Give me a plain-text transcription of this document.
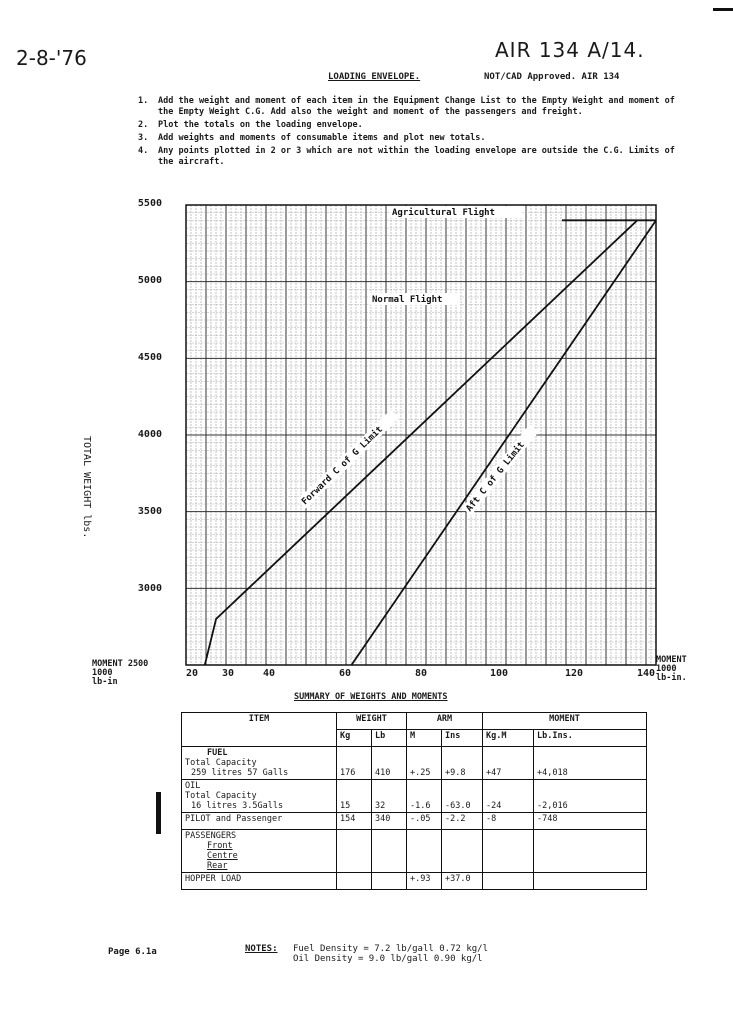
2-8-'76	AIR 134 A/14.
LOADING ENVELOPE.	NOT/CAD Approved. AIR 134
1.	Add the weight and moment of each item in the Equipment Change List to the Empty Weight and moment of the Empty Weight C.G. Add also the weight and moment of the passengers and freight.
2.	Plot the totals on the loading envelope.
3.	Add weights and moments of consumable items and plot new totals.
4.	Any points plotted in 2 or 3 which are not within the loading envelope are outside the C.G. Limits of the aircraft.
Agricultural Flight
Normal Flight
Forward C of G Limit	Aft C of G Limit
5500
5000
4500
4000
3500
3000
20 30	40	60	80	100	120	140
TOTAL WEIGHT lbs.
MOMENT 2500
1000
lb-in
MOMENT
1000
lb-in.
SUMMARY OF WEIGHTS AND MOMENTS
ITEM	WEIGHT		ARM		MOMENT	
	Kg	Lb	M	Ins	Kg.M	Lb.Ins.

FUEL
Total Capacity
259 litres 57 Galls	176	410	+.25	+9.8	+47	+4,018

OIL
Total Capacity
16 litres 3.5Galls	15	32	-1.6	-63.0	-24	-2,016
PILOT and Passenger	154	340	-.05	-2.2	-8	-748

PASSENGERS
Front
Centre
Rear						

HOPPER LOAD			+.93	+37.0		
Page 6.1a	NOTES: Fuel Density = 7.2 lb/gall 0.72 kg/l
Oil Density = 9.0 lb/gall 0.90 kg/l
